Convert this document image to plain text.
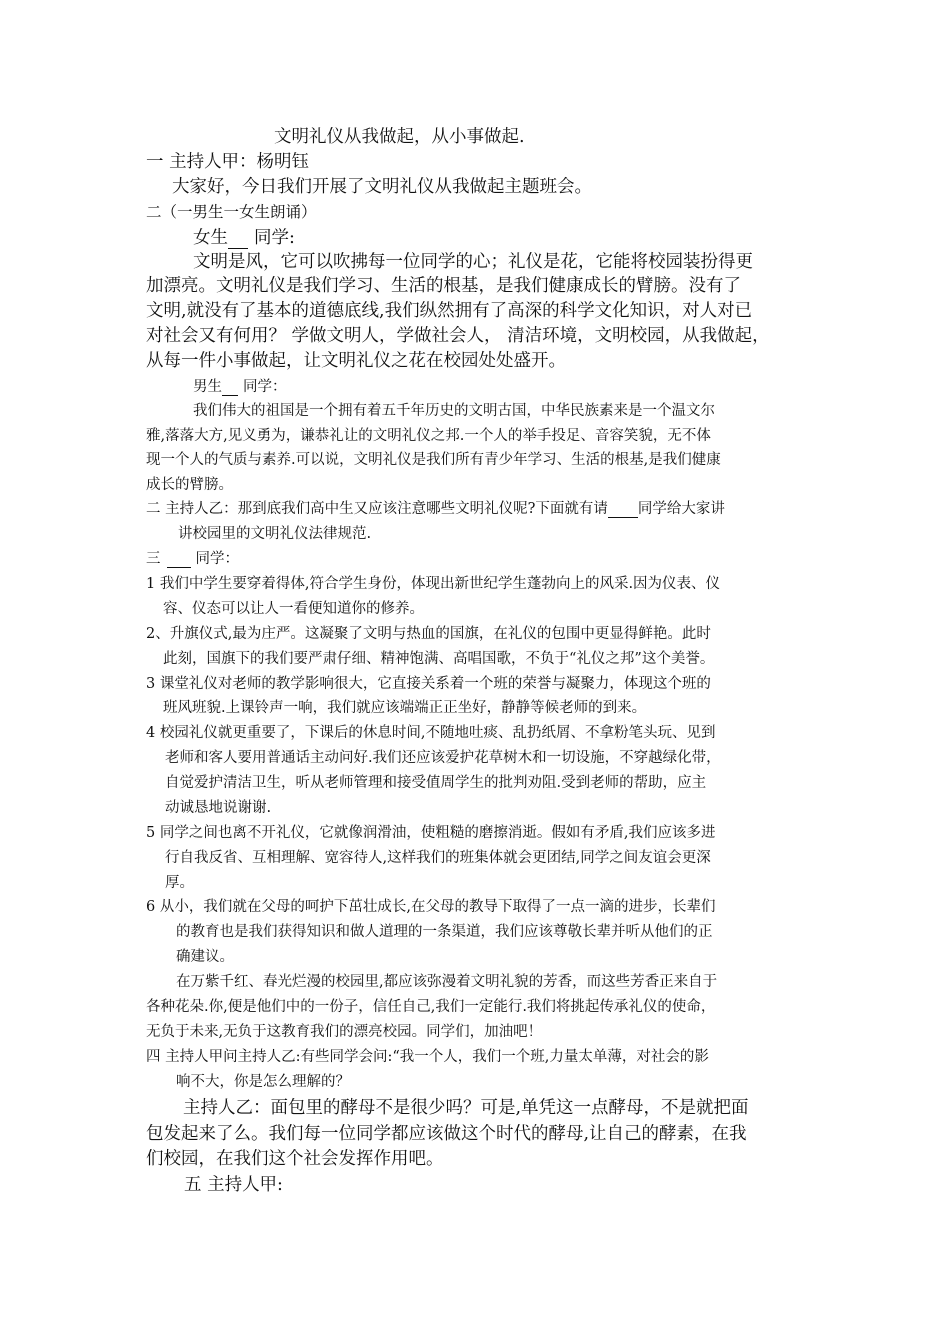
文明礼仪从我做起，从小事做起.
一 主持人甲：杨明钰
大家好，今日我们开展了文明礼仪从我做起主题班会。
二（一男生一女生朗诵）
女生 同学:
文明是风，它可以吹拂每一位同学的心；礼仪是花，它能将校园装扮得更
加漂亮。文明礼仪是我们学习、生活的根基，是我们健康成长的臂膀。没有了
文明,就没有了基本的道德底线,我们纵然拥有了高深的科学文化知识，对人对已
对社会又有何用？ 学做文明人，学做社会人， 清洁环境，文明校园，从我做起，
从每一件小事做起，让文明礼仪之花在校园处处盛开。
男生 同学：
我们伟大的祖国是一个拥有着五千年历史的文明古国，中华民族素来是一个温文尔
雅,落落大方,见义勇为，谦恭礼让的文明礼仪之邦.一个人的举手投足、音容笑貌，无不体
现一个人的气质与素养.可以说，文明礼仪是我们所有青少年学习、生活的根基,是我们健康
成长的臂膀。
二 主持人乙：那到底我们高中生又应该注意哪些文明礼仪呢?下面就有请 同学给大家讲
讲校园里的文明礼仪法律规范.
三 同学：
1 我们中学生要穿着得体,符合学生身份，体现出新世纪学生蓬勃向上的风采.因为仪表、仪
容、仪态可以让人一看便知道你的修养。
2、升旗仪式,最为庄严。这凝聚了文明与热血的国旗，在礼仪的包围中更显得鲜艳。此时
此刻，国旗下的我们要严肃仔细、精神饱满、高唱国歌，不负于“礼仪之邦”这个美誉。
3 课堂礼仪对老师的教学影响很大，它直接关系着一个班的荣誉与凝聚力，体现这个班的
班风班貌.上课铃声一响，我们就应该端端正正坐好，静静等候老师的到来。
4 校园礼仪就更重要了，下课后的休息时间,不随地吐痰、乱扔纸屑、不拿粉笔头玩、见到
老师和客人要用普通话主动问好.我们还应该爱护花草树木和一切设施，不穿越绿化带，
自觉爱护清洁卫生，听从老师管理和接受值周学生的批判劝阻.受到老师的帮助，应主
动诚恳地说谢谢.
5 同学之间也离不开礼仪，它就像润滑油，使粗糙的磨擦消逝。假如有矛盾,我们应该多进
行自我反省、互相理解、宽容待人,这样我们的班集体就会更团结,同学之间友谊会更深
厚。
6 从小，我们就在父母的呵护下茁壮成长,在父母的教导下取得了一点一滴的进步，长辈们
的教育也是我们获得知识和做人道理的一条渠道，我们应该尊敬长辈并听从他们的正
确建议。
在万紫千红、春光烂漫的校园里,都应该弥漫着文明礼貌的芳香，而这些芳香正来自于
各种花朵.你,便是他们中的一份子，信任自己,我们一定能行.我们将挑起传承礼仪的使命，
无负于未来,无负于这教育我们的漂亮校园。同学们，加油吧！
四 主持人甲问主持人乙:有些同学会问:“我一个人，我们一个班,力量太单薄，对社会的影
响不大，你是怎么理解的？
主持人乙：面包里的酵母不是很少吗？可是,单凭这一点酵母，不是就把面
包发起来了么。我们每一位同学都应该做这个时代的酵母,让自己的酵素，在我
们校园，在我们这个社会发挥作用吧。
五 主持人甲:
